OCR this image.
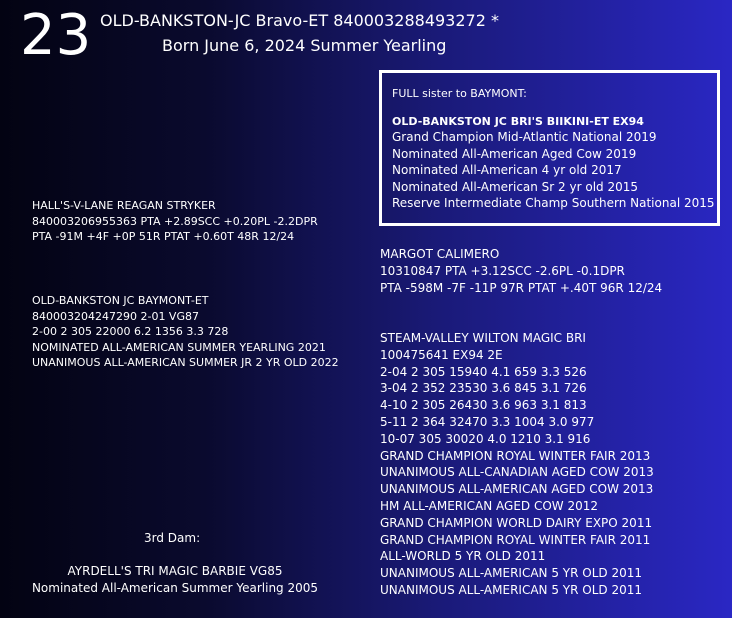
23 OLD-BANKSTON-JC Bravo-ET 840003288493272 *
Born June 6, 2024 Summer Yearling
FULL sister to BAYMONT:
OLD-BANKSTON JC BRI'S BIIKINI-ET EX94
Grand Champion Mid-Atlantic National 2019
Nominated All-American Aged Cow 2019
Nominated All-American 4 yr old 2017
Nominated All-American Sr 2 yr old 2015
Reserve Intermediate Champ Southern National 2015
HALL'S-V-LANE REAGAN STRYKER
840003206955363 PTA +2.89SCC +0.20PL -2.2DPR
PTA -91M +4F +0P 51R PTAT +0.60T 48R 12/24
MARGOT CALIMERO
10310847 PTA +3.12SCC -2.6PL -0.1DPR
PTA -598M -7F -11P 97R PTAT +.40T 96R 12/24
OLD-BANKSTON JC BAYMONT-ET
840003204247290 2-01 VG87
2-00 2 305 22000 6.2 1356 3.3 728
NOMINATED ALL-AMERICAN SUMMER YEARLING 2021
UNANIMOUS ALL-AMERICAN SUMMER JR 2 YR OLD 2022
STEAM-VALLEY WILTON MAGIC BRI
100475641 EX94 2E
2-04 2 305 15940 4.1 659 3.3 526
3-04 2 352 23530 3.6 845 3.1 726
4-10 2 305 26430 3.6 963 3.1 813
5-11 2 364 32470 3.3 1004 3.0 977
10-07 305 30020 4.0 1210 3.1 916
GRAND CHAMPION ROYAL WINTER FAIR 2013
UNANIMOUS ALL-CANADIAN AGED COW 2013
UNANIMOUS ALL-AMERICAN AGED COW 2013
HM ALL-AMERICAN AGED COW 2012
GRAND CHAMPION WORLD DAIRY EXPO 2011
GRAND CHAMPION ROYAL WINTER FAIR 2011
ALL-WORLD 5 YR OLD 2011
UNANIMOUS ALL-AMERICAN 5 YR OLD 2011
UNANIMOUS ALL-AMERICAN 5 YR OLD 2011
3rd Dam:
AYRDELL'S TRI MAGIC BARBIE VG85
Nominated All-American Summer Yearling 2005
